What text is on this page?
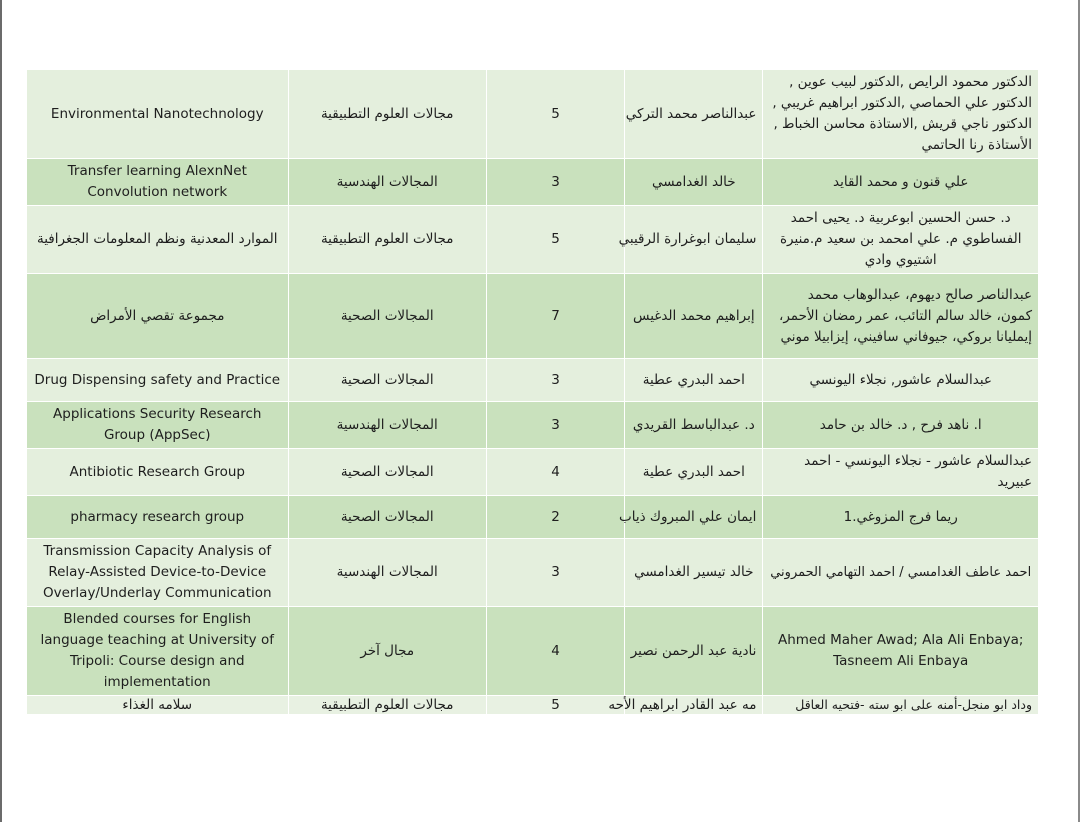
Environmental Nanotechnology	مجالات العلوم التطبيقية	5	عبدالناصر محمد التركي	الدكتور محمود الرايص ,الدكتور لبيب عوين , الدكتور علي الحماصي ,الدكتور ابراهيم غريبي , الدكتور ناجي قريش ,الاستاذة محاسن الخباط , الأستاذة رنا الحاتمي
Transfer learning AlexnNet Convolution network	المجالات الهندسية	3	خالد الغدامسي	علي قنون و محمد القايد
الموارد المعدنية ونظم المعلومات الجغرافية	مجالات العلوم التطبيقية	5	سليمان ابوغرارة الرقيبي	د. حسن الحسين ابوعربية د. يحيى احمد الفساطوي م. علي امحمد بن سعيد م.منيرة اشتيوي وادي
مجموعة تقصي الأمراض	المجالات الصحية	7	إبراهيم محمد الدغيس	عبدالناصر صالح ديهوم، عبدالوهاب محمد كمون، خالد سالم التائب، عمر رمضان الأحمر، إيمليانا بروكي، جيوفاني سافيني، إيزابيلا موني
Drug Dispensing safety and Practice	المجالات الصحية	3	احمد البدري عطية	عبدالسلام عاشور, نجلاء اليونسي
Applications Security Research Group (AppSec)	المجالات الهندسية	3	د. عبدالباسط القريدي	ا. ناهد فرح , د. خالد بن حامد
Antibiotic Research Group	المجالات الصحية	4	احمد البدري عطية	عبدالسلام عاشور - نجلاء اليونسي - احمد عبيريد
pharmacy research group	المجالات الصحية	2	ايمان علي المبروك ذياب	ريما فرج المزوغي.1
Transmission Capacity Analysis of Relay-Assisted Device-to-Device Overlay/Underlay Communication	المجالات الهندسية	3	خالد تيسير الغدامسي	احمد عاطف الغدامسي / احمد التهامي الحمروني
Blended courses for English language teaching at University of Tripoli: Course design and implementation	مجال آخر	4	نادية عبد الرحمن نصير	Ahmed Maher Awad; Ala Ali Enbaya; Tasneem Ali Enbaya
سلامه الغذاء	مجالات العلوم التطبيقية	5	مه عبد القادر ابراهيم الأحه	وداد ابو منجل-أمنه على ابو سته -فتحيه العاقل
